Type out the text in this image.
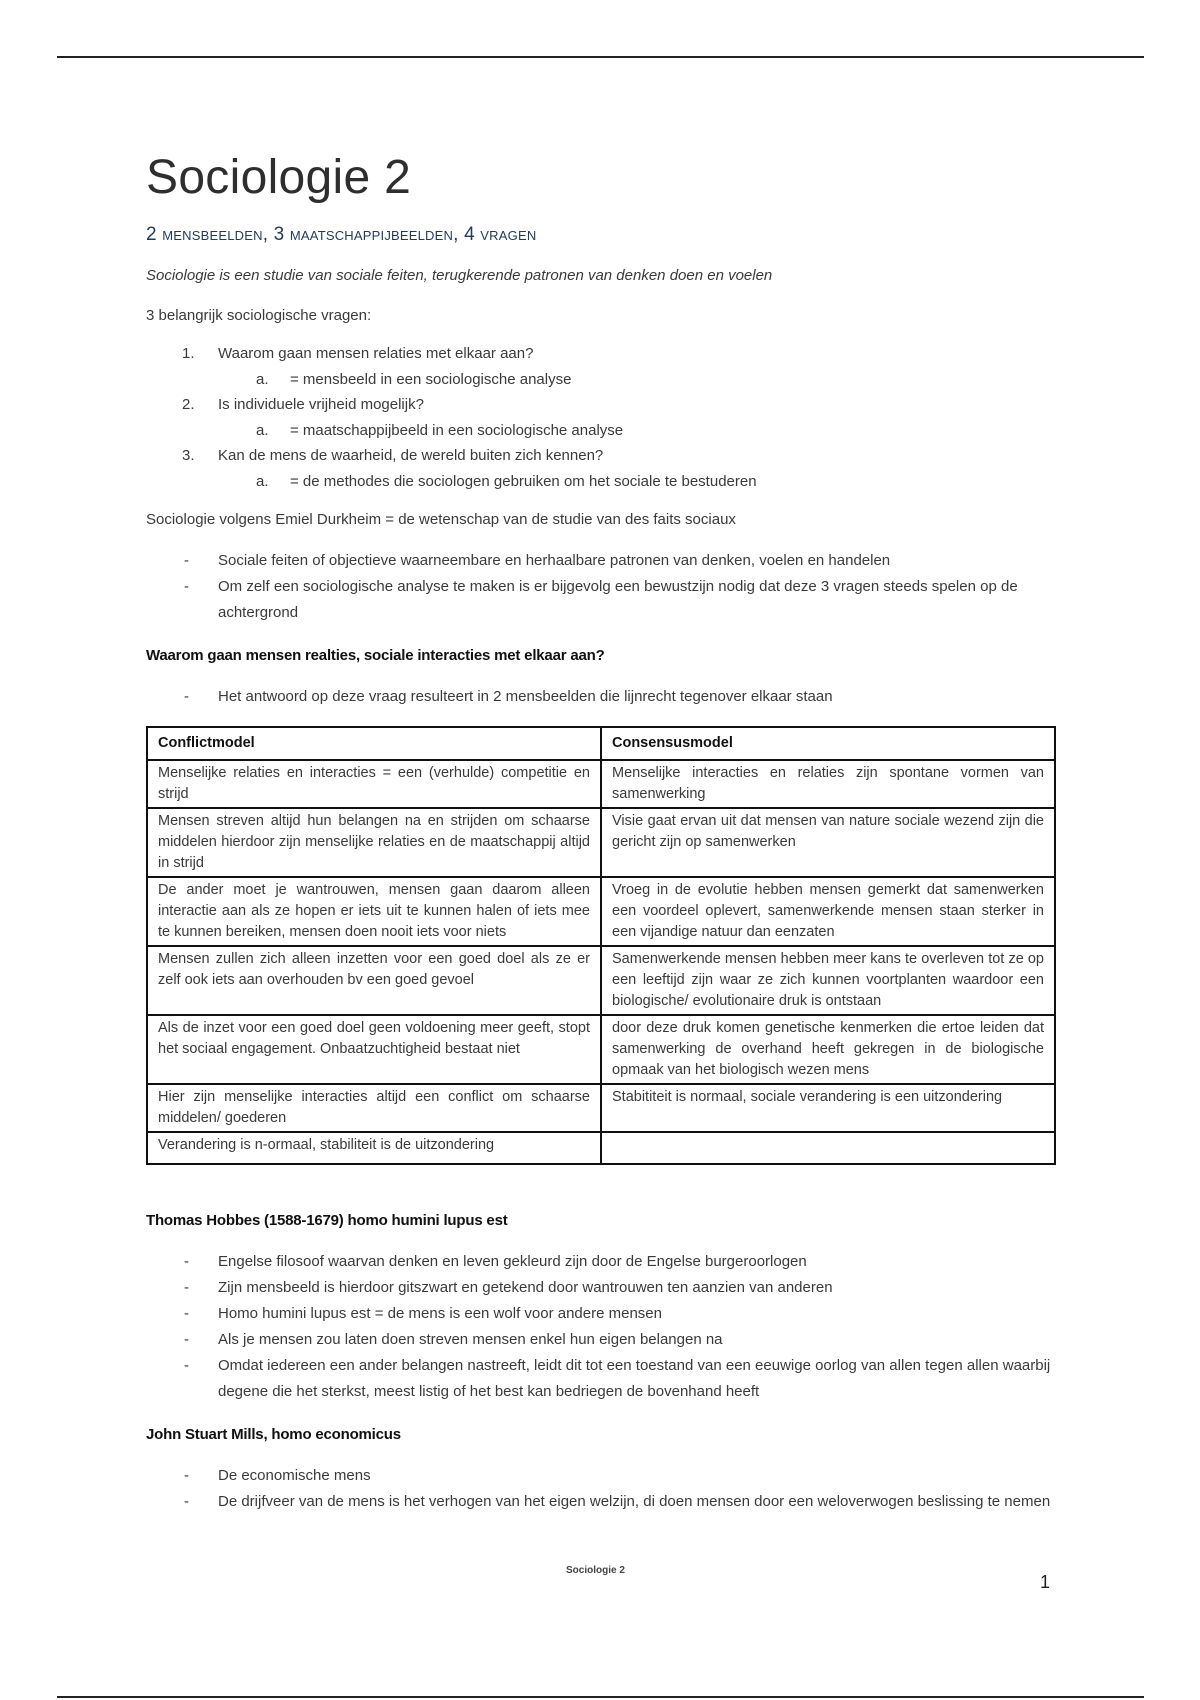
Sociologie 2
2 mensbeelden, 3 maatschappijbeelden, 4 vragen

Sociologie is een studie van sociale feiten, terugkerende patronen van denken doen en voelen

3 belangrijk sociologische vragen:

1. Waarom gaan mensen relaties met elkaar aan?
a. = mensbeeld in een sociologische analyse
2. Is individuele vrijheid mogelijk?
a. = maatschappijbeeld in een sociologische analyse
3. Kan de mens de waarheid, de wereld buiten zich kennen?
a. = de methodes die sociologen gebruiken om het sociale te bestuderen

Sociologie volgens Emiel Durkheim = de wetenschap van de studie van des faits sociaux

- Sociale feiten of objectieve waarneembare en herhaalbare patronen van denken, voelen en handelen
- Om zelf een sociologische analyse te maken is er bijgevolg een bewustzijn nodig dat deze 3 vragen steeds spelen op de achtergrond

Waarom gaan mensen realties, sociale interacties met elkaar aan?

- Het antwoord op deze vraag resulteert in 2 mensbeelden die lijnrecht tegenover elkaar staan
Conflictmodel	Consensusmodel
Menselijke relaties en interacties = een (verhulde) competitie en strijd	Menselijke interacties en relaties zijn spontane vormen van samenwerking
Mensen streven altijd hun belangen na en strijden om schaarse middelen hierdoor zijn menselijke relaties en de maatschappij altijd in strijd	Visie gaat ervan uit dat mensen van nature sociale wezend zijn die gericht zijn op samenwerken
De ander moet je wantrouwen, mensen gaan daarom alleen interactie aan als ze hopen er iets uit te kunnen halen of iets mee te kunnen bereiken, mensen doen nooit iets voor niets	Vroeg in de evolutie hebben mensen gemerkt dat samenwerken een voordeel oplevert, samenwerkende mensen staan sterker in een vijandige natuur dan eenzaten
Mensen zullen zich alleen inzetten voor een goed doel als ze er zelf ook iets aan overhouden bv een goed gevoel	Samenwerkende mensen hebben meer kans te overleven tot ze op een leeftijd zijn waar ze zich kunnen voortplanten waardoor een biologische/ evolutionaire druk is ontstaan
Als de inzet voor een goed doel geen voldoening meer geeft, stopt het sociaal engagement. Onbaatzuchtigheid bestaat niet	door deze druk komen genetische kenmerken die ertoe leiden dat samenwerking de overhand heeft gekregen in de biologische opmaak van het biologisch wezen mens
Hier zijn menselijke interacties altijd een conflict om schaarse middelen/ goederen	Stabititeit is normaal, sociale verandering is een uitzondering
Verandering is n-ormaal, stabiliteit is de uitzondering	

Thomas Hobbes (1588-1679) homo humini lupus est

- Engelse filosoof waarvan denken en leven gekleurd zijn door de Engelse burgeroorlogen
- Zijn mensbeeld is hierdoor gitszwart en getekend door wantrouwen ten aanzien van anderen
- Homo humini lupus est = de mens is een wolf voor andere mensen
- Als je mensen zou laten doen streven mensen enkel hun eigen belangen na
- Omdat iedereen een ander belangen nastreeft, leidt dit tot een toestand van een eeuwige oorlog van allen tegen allen waarbij degene die het sterkst, meest listig of het best kan bedriegen de bovenhand heeft

John Stuart Mills, homo economicus

- De economische mens
- De drijfveer van de mens is het verhogen van het eigen welzijn, di doen mensen door een weloverwogen beslissing te nemen
Sociologie 2
1
